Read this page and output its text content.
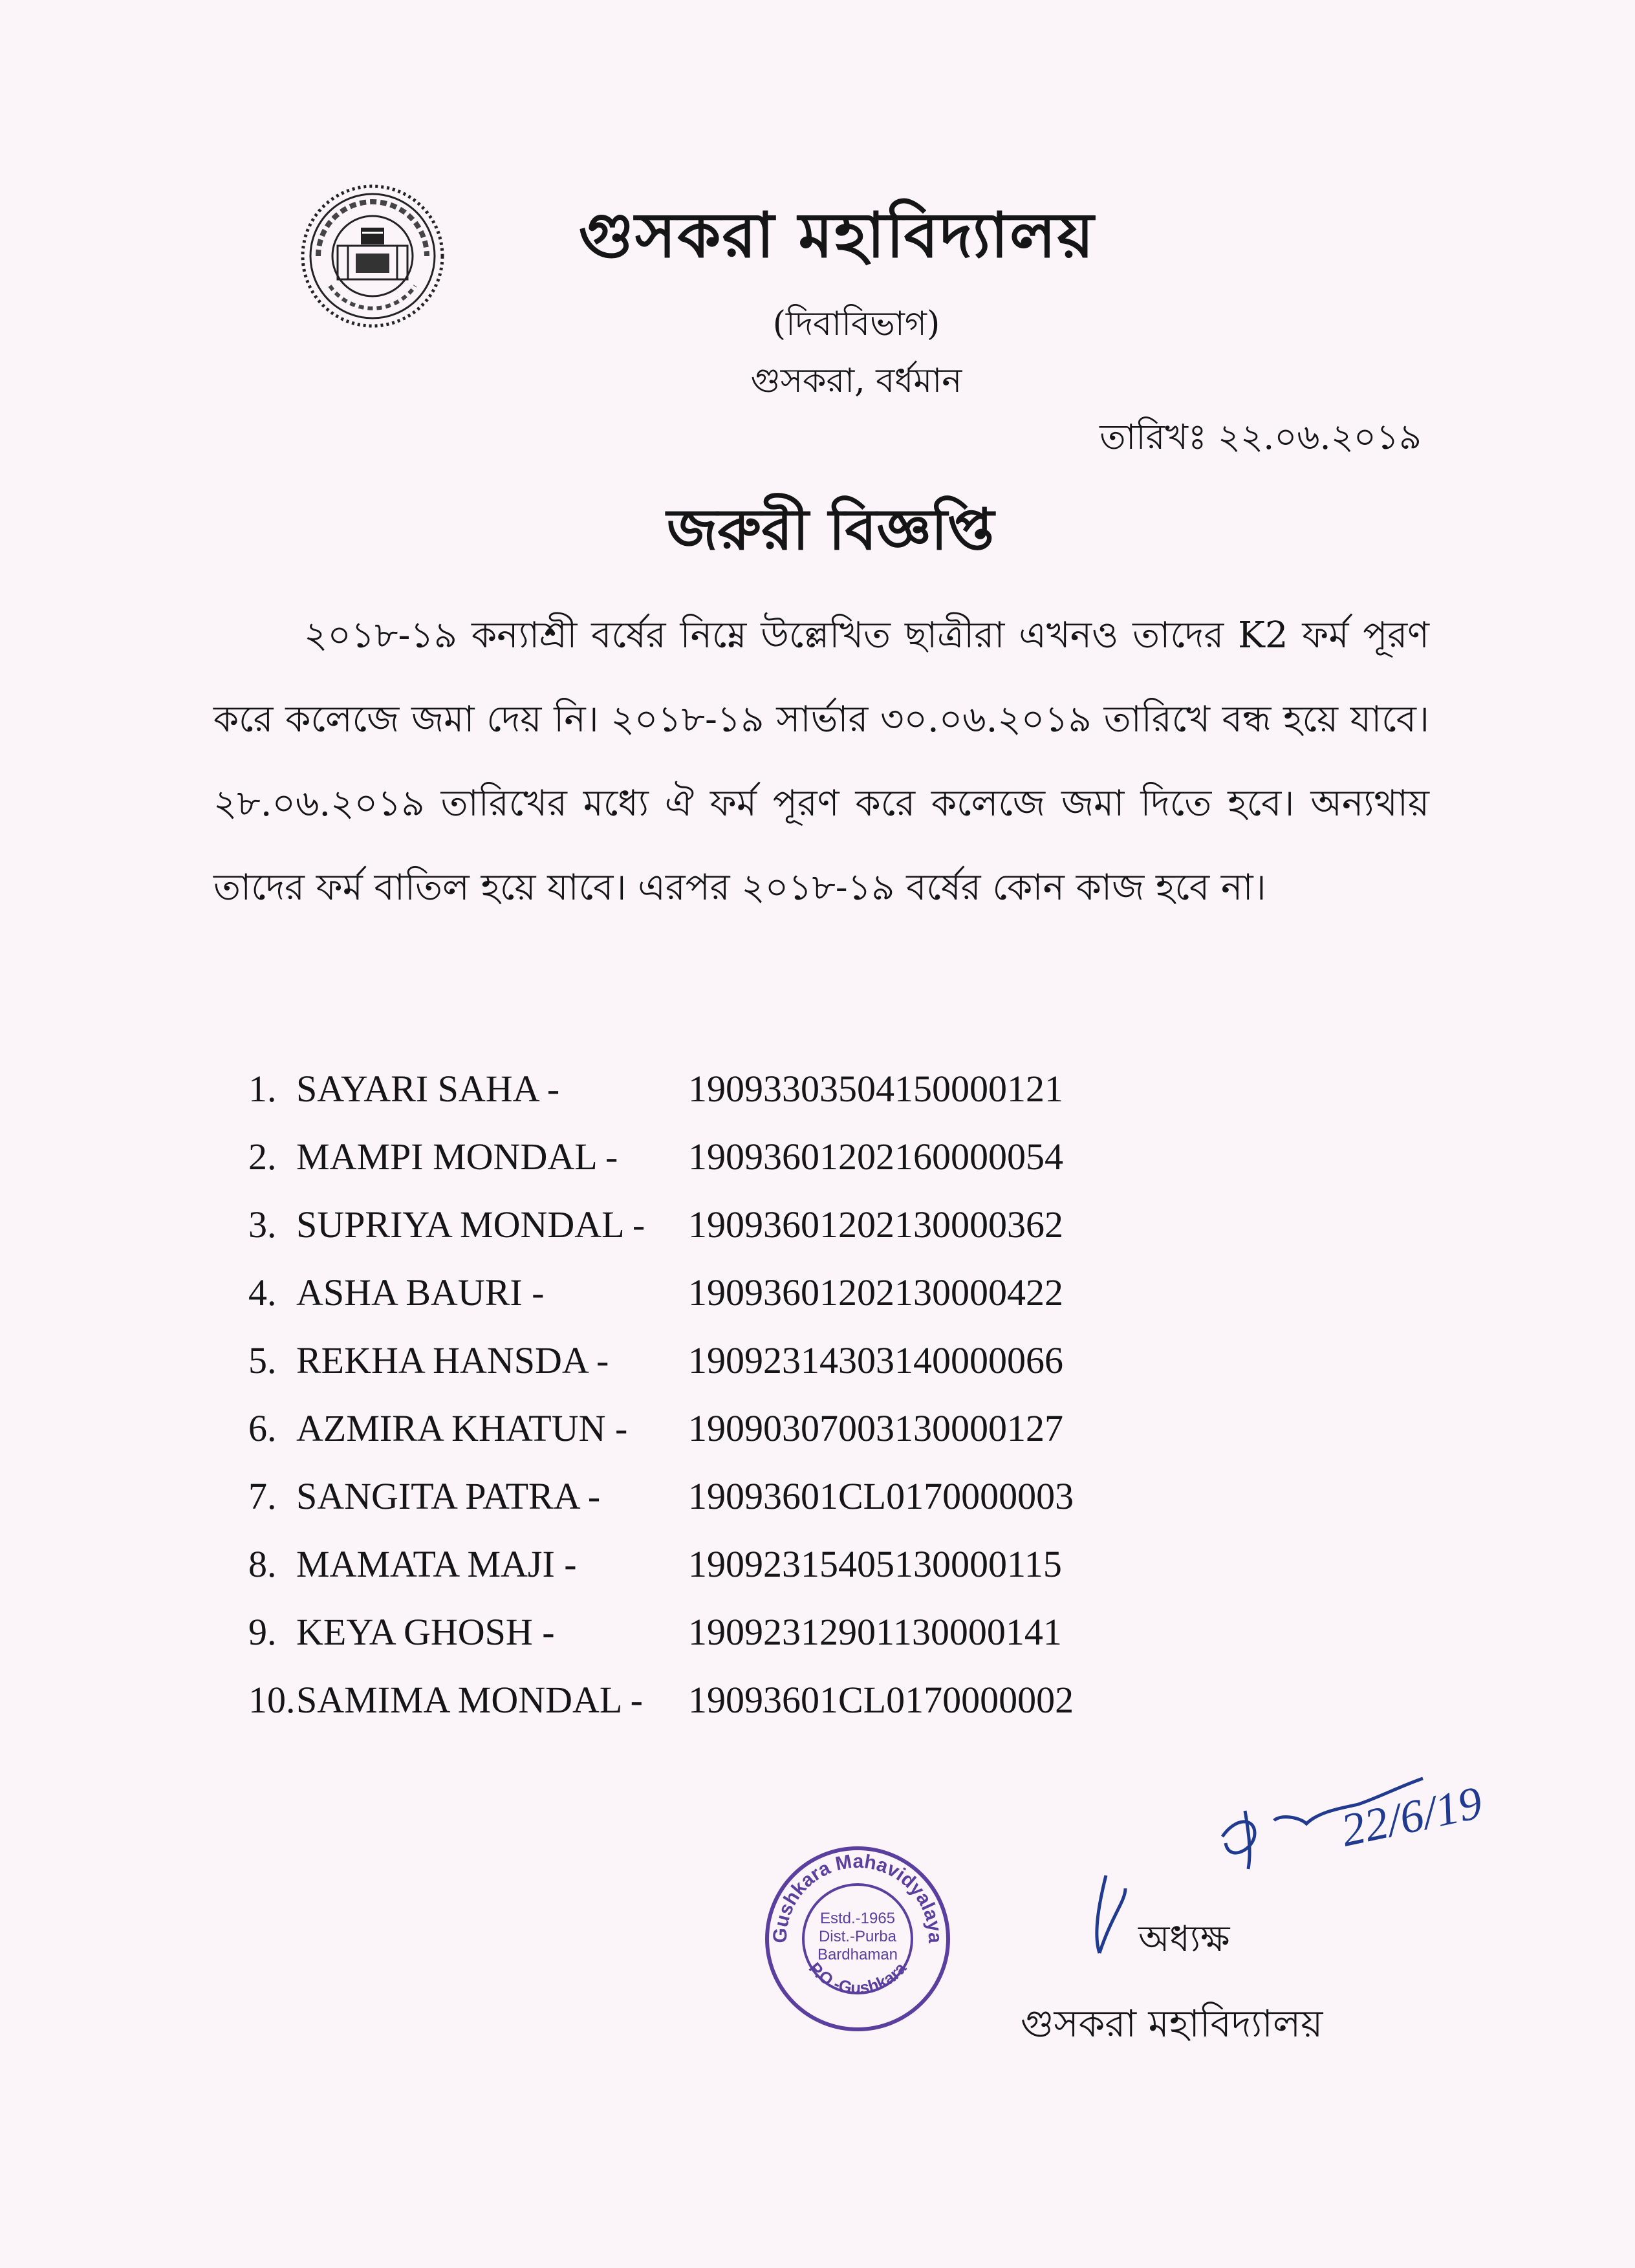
গুসকরা মহাবিদ্যালয়
(দিবাবিভাগ)
গুসকরা, বর্ধমান
তারিখঃ ২২.০৬.২০১৯
জরুরী বিজ্ঞপ্তি
২০১৮-১৯ কন্যাশ্রী বর্ষের নিম্নে উল্লেখিত ছাত্রীরা এখনও তাদের K2 ফর্ম পূরণ করে কলেজে জমা দেয় নি। ২০১৮-১৯ সার্ভার ৩০.০৬.২০১৯ তারিখে বন্ধ হয়ে যাবে। ২৮.০৬.২০১৯ তারিখের মধ্যে ঐ ফর্ম পূরণ করে কলেজে জমা দিতে হবে। অন্যথায় তাদের ফর্ম বাতিল হয়ে যাবে। এরপর ২০১৮-১৯ বর্ষের কোন কাজ হবে না।
1. SAYARI SAHA -	1909330350415000012​1
2. MAMPI MONDAL - 19093601202160000054
3. SUPRIYA MONDAL - 19093601202130000362
4. ASHA BAURI -	19093601202130000422
5. REKHA HANSDA - 19092314303140000066
6. AZMIRA KHATUN - 19090307003130000127
7. SANGITA PATRA - 19093601CL0170000003
8. MAMATA MAJI -	19092315405130000115
9. KEYA GHOSH -	19092312901130000141
10. SAMIMA MONDAL - 19093601CL0170000002
Gushkara Mahavidyalaya
P.O.-Gushkara
Estd.-1965
Dist.-Purba
Bardhaman
22/6/19
অধ্যক্ষ
গুসকরা মহাবিদ্যালয়
